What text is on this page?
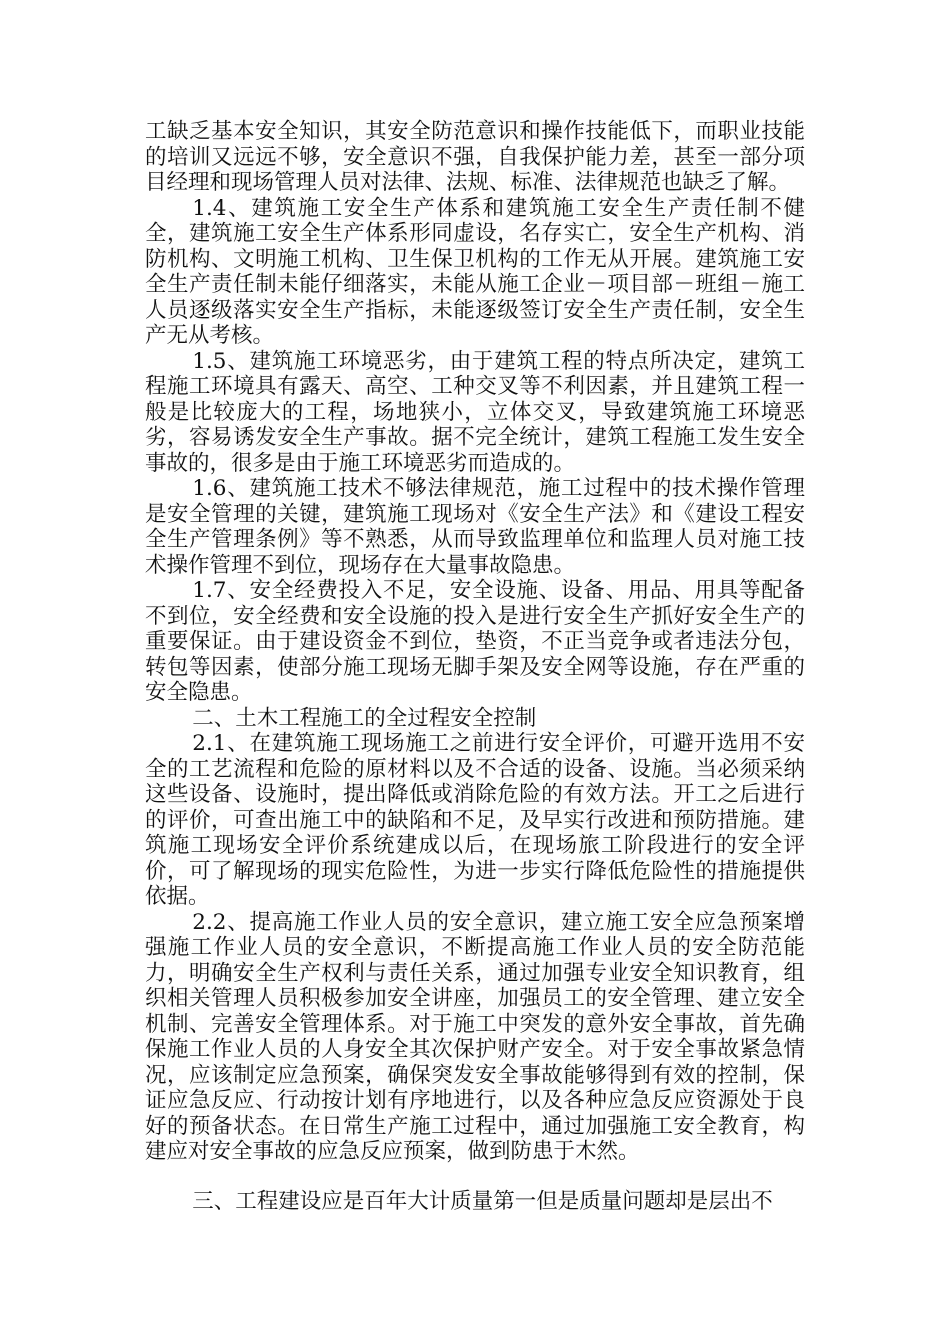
工缺乏基本安全知识，其安全防范意识和操作技能低下，而职业技能的培训又远远不够，安全意识不强，自我保护能力差，甚至一部分项目经理和现场管理人员对法律、法规、标准、法律规范也缺乏了解。

1.4、建筑施工安全生产体系和建筑施工安全生产责任制不健全，建筑施工安全生产体系形同虚设，名存实亡，安全生产机构、消防机构、文明施工机构、卫生保卫机构的工作无从开展。建筑施工安全生产责任制未能仔细落实，未能从施工企业－项目部－班组－施工人员逐级落实安全生产指标，未能逐级签订安全生产责任制，安全生产无从考核。

1.5、建筑施工环境恶劣，由于建筑工程的特点所决定，建筑工程施工环境具有露天、高空、工种交叉等不利因素，并且建筑工程一般是比较庞大的工程，场地狭小，立体交叉，导致建筑施工环境恶劣，容易诱发安全生产事故。据不完全统计，建筑工程施工发生安全事故的，很多是由于施工环境恶劣而造成的。

1.6、建筑施工技术不够法律规范，施工过程中的技术操作管理是安全管理的关键，建筑施工现场对《安全生产法》和《建设工程安全生产管理条例》等不熟悉，从而导致监理单位和监理人员对施工技术操作管理不到位，现场存在大量事故隐患。

1.7、安全经费投入不足，安全设施、设备、用品、用具等配备不到位，安全经费和安全设施的投入是进行安全生产抓好安全生产的重要保证。由于建设资金不到位，垫资，不正当竞争或者违法分包，转包等因素，使部分施工现场无脚手架及安全网等设施，存在严重的安全隐患。

二、土木工程施工的全过程安全控制

2.1、在建筑施工现场施工之前进行安全评价，可避开选用不安全的工艺流程和危险的原材料以及不合适的设备、设施。当必须采纳这些设备、设施时，提出降低或消除危险的有效方法。开工之后进行的评价，可查出施工中的缺陷和不足，及早实行改进和预防措施。建筑施工现场安全评价系统建成以后，在现场旅工阶段进行的安全评价，可了解现场的现实危险性，为进一步实行降低危险性的措施提供依据。

2.2、提高施工作业人员的安全意识，建立施工安全应急预案增强施工作业人员的安全意识，不断提高施工作业人员的安全防范能力，明确安全生产权利与责任关系，通过加强专业安全知识教育，组织相关管理人员积极参加安全讲座，加强员工的安全管理、建立安全机制、完善安全管理体系。对于施工中突发的意外安全事故，首先确保施工作业人员的人身安全其次保护财产安全。对于安全事故紧急情况，应该制定应急预案，确保突发安全事故能够得到有效的控制，保证应急反应、行动按计划有序地进行，以及各种应急反应资源处于良好的预备状态。在日常生产施工过程中，通过加强施工安全教育，构建应对安全事故的应急反应预案，做到防患于木然。

三、工程建设应是百年大计质量第一但是质量问题却是层出不
